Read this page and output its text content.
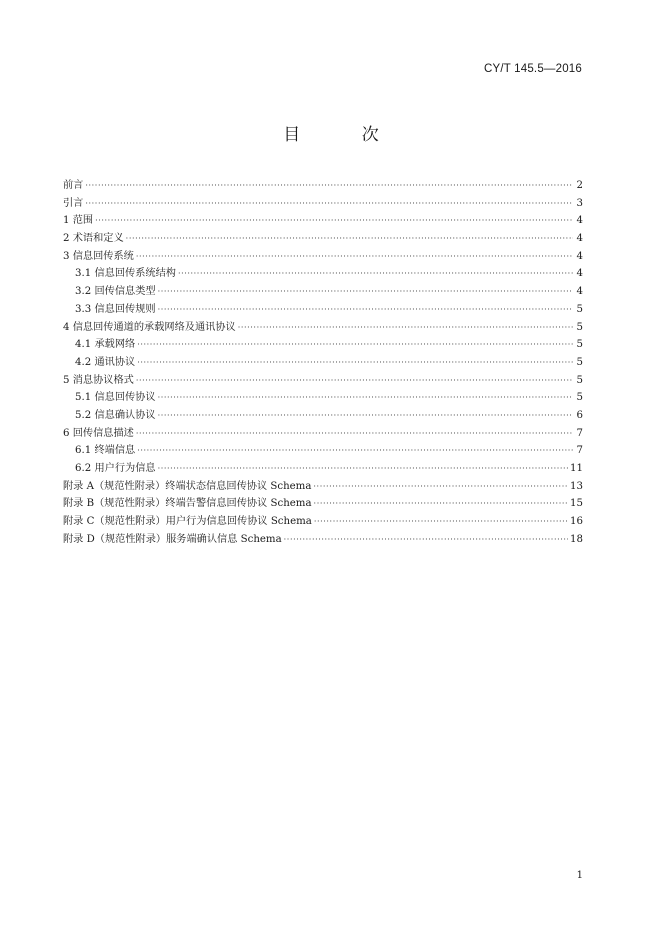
CY/T 145.5—2016
目 次
前言 ·····	2
引言 ·····	3
1 范围 ·····	4
2 术语和定义 ·····	4
3 信息回传系统 ·····	4
3.1 信息回传系统结构 ·····	4
3.2 回传信息类型 ·····	4
3.3 信息回传规则 ·····	5
4 信息回传通道的承载网络及通讯协议 ·····	5
4.1 承载网络 ·····	5
4.2 通讯协议 ·····	5
5 消息协议格式 ·····	5
5.1 信息回传协议 ·····	5
5.2 信息确认协议 ·····	6
6 回传信息描述 ·····	7
6.1 终端信息 ·····	7
6.2 用户行为信息 ·····	11
附录 A（规范性附录）终端状态信息回传协议 Schema ·····	13
附录 B（规范性附录）终端告警信息回传协议 Schema ·····	15
附录 C（规范性附录）用户行为信息回传协议 Schema ·····	16
附录 D（规范性附录）服务端确认信息 Schema ·····	18
1
